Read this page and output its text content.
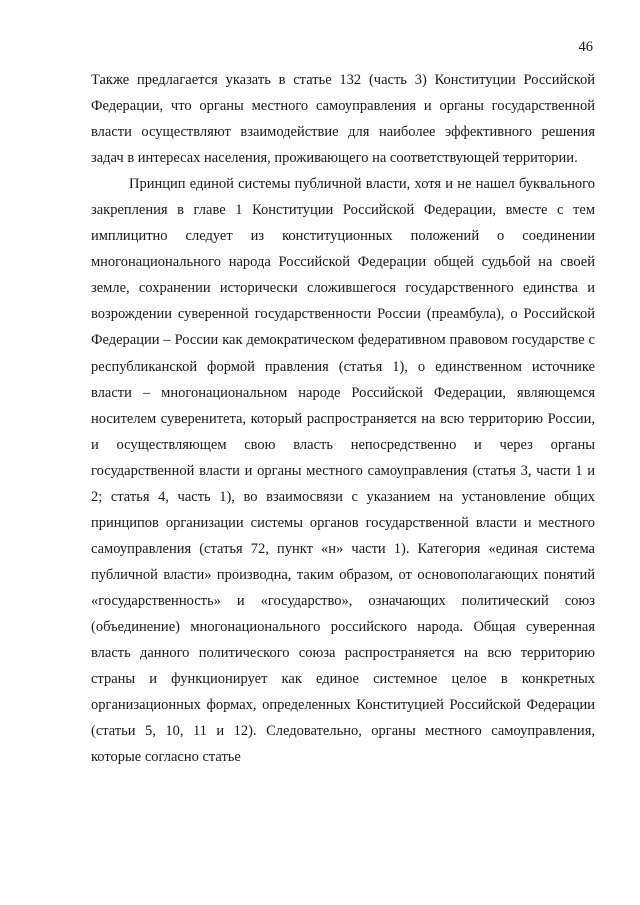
46

Также предлагается указать в статье 132 (часть 3) Конституции Российской Федерации, что органы местного самоуправления и органы государственной власти осуществляют взаимодействие для наиболее эффективного решения задач в интересах населения, проживающего на соответствующей территории.

Принцип единой системы публичной власти, хотя и не нашел буквального закрепления в главе 1 Конституции Российской Федерации, вместе с тем имплицитно следует из конституционных положений о соединении многонационального народа Российской Федерации общей судьбой на своей земле, сохранении исторически сложившегося государственного единства и возрождении суверенной государственности России (преамбула), о Российской Федерации – России как демократическом федеративном правовом государстве с республиканской формой правления (статья 1), о единственном источнике власти – многонациональном народе Российской Федерации, являющемся носителем суверенитета, который распространяется на всю территорию России, и осуществляющем свою власть непосредственно и через органы государственной власти и органы местного самоуправления (статья 3, части 1 и 2; статья 4, часть 1), во взаимосвязи с указанием на установление общих принципов организации системы органов государственной власти и местного самоуправления (статья 72, пункт «н» части 1). Категория «единая система публичной власти» производна, таким образом, от основополагающих понятий «государственность» и «государство», означающих политический союз (объединение) многонационального российского народа. Общая суверенная власть данного политического союза распространяется на всю территорию страны и функционирует как единое системное целое в конкретных организационных формах, определенных Конституцией Российской Федерации (статьи 5, 10, 11 и 12). Следовательно, органы местного самоуправления, которые согласно статье
